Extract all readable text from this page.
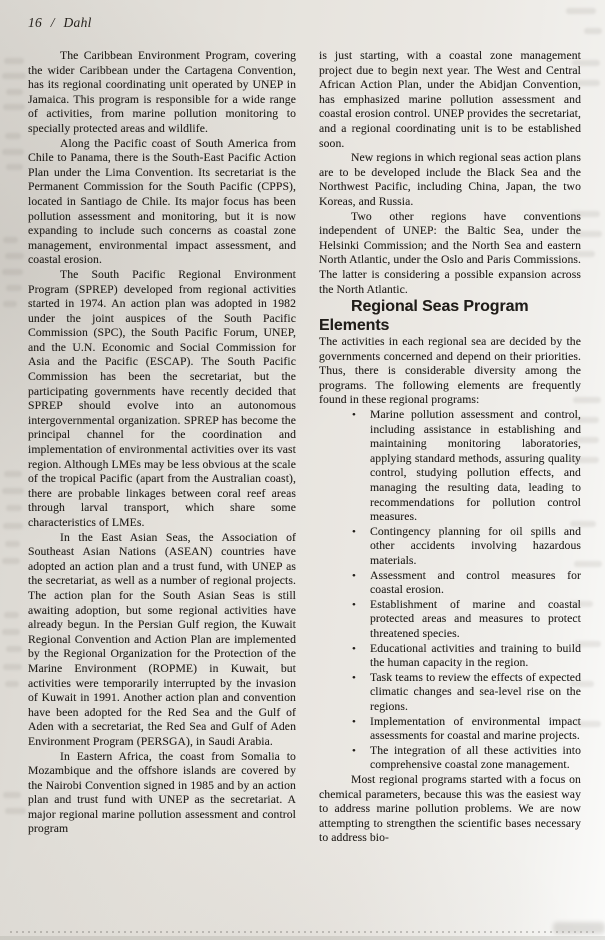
16 / Dahl

The Caribbean Environment Program, covering the wider Caribbean under the Cartagena Convention, has its regional coordinating unit operated by UNEP in Jamaica. This program is responsible for a wide range of activities, from marine pollution monitoring to specially protected areas and wildlife.

Along the Pacific coast of South America from Chile to Panama, there is the South-East Pacific Action Plan under the Lima Convention. Its secretariat is the Permanent Commission for the South Pacific (CPPS), located in Santiago de Chile. Its major focus has been pollution assessment and monitoring, but it is now expanding to include such concerns as coastal zone management, environmental impact assessment, and coastal erosion.

The South Pacific Regional Environment Program (SPREP) developed from regional activities started in 1974. An action plan was adopted in 1982 under the joint auspices of the South Pacific Commission (SPC), the South Pacific Forum, UNEP, and the U.N. Economic and Social Commission for Asia and the Pacific (ESCAP). The South Pacific Commission has been the secretariat, but the participating governments have recently decided that SPREP should evolve into an autonomous intergovernmental organization. SPREP has become the principal channel for the coordination and implementation of environmental activities over its vast region. Although LMEs may be less obvious at the scale of the tropical Pacific (apart from the Australian coast), there are probable linkages between coral reef areas through larval transport, which share some characteristics of LMEs.

In the East Asian Seas, the Association of Southeast Asian Nations (ASEAN) countries have adopted an action plan and a trust fund, with UNEP as the secretariat, as well as a number of regional projects. The action plan for the South Asian Seas is still awaiting adoption, but some regional activities have already begun. In the Persian Gulf region, the Kuwait Regional Convention and Action Plan are implemented by the Regional Organization for the Protection of the Marine Environment (ROPME) in Kuwait, but activities were temporarily interrupted by the invasion of Kuwait in 1991. Another action plan and convention have been adopted for the Red Sea and the Gulf of Aden with a secretariat, the Red Sea and Gulf of Aden Environment Program (PERSGA), in Saudi Arabia.

In Eastern Africa, the coast from Somalia to Mozambique and the offshore islands are covered by the Nairobi Convention signed in 1985 and by an action plan and trust fund with UNEP as the secretariat. A major regional marine pollution assessment and control program

is just starting, with a coastal zone management project due to begin next year. The West and Central African Action Plan, under the Abidjan Convention, has emphasized marine pollution assessment and coastal erosion control. UNEP provides the secretariat, and a regional coordinating unit is to be established soon.

New regions in which regional seas action plans are to be developed include the Black Sea and the Northwest Pacific, including China, Japan, the two Koreas, and Russia.

Two other regions have conventions independent of UNEP: the Baltic Sea, under the Helsinki Commission; and the North Sea and eastern North Atlantic, under the Oslo and Paris Commissions. The latter is considering a possible expansion across the North Atlantic.

Regional Seas Program Elements

The activities in each regional sea are decided by the governments concerned and depend on their priorities. Thus, there is considerable diversity among the programs. The following elements are frequently found in these regional programs:

•	Marine pollution assessment and control, including assistance in establishing and maintaining monitoring laboratories, applying standard methods, assuring quality control, studying pollution effects, and managing the resulting data, leading to recommendations for pollution control measures.
•	Contingency planning for oil spills and other accidents involving hazardous materials.
•	Assessment and control measures for coastal erosion.
•	Establishment of marine and coastal protected areas and measures to protect threatened species.
•	Educational activities and training to build the human capacity in the region.
•	Task teams to review the effects of expected climatic changes and sea-level rise on the regions.
•	Implementation of environmental impact assessments for coastal and marine projects.
•	The integration of all these activities into comprehensive coastal zone management.

Most regional programs started with a focus on chemical parameters, because this was the easiest way to address marine pollution problems. We are now attempting to strengthen the scientific bases necessary to address bio-
